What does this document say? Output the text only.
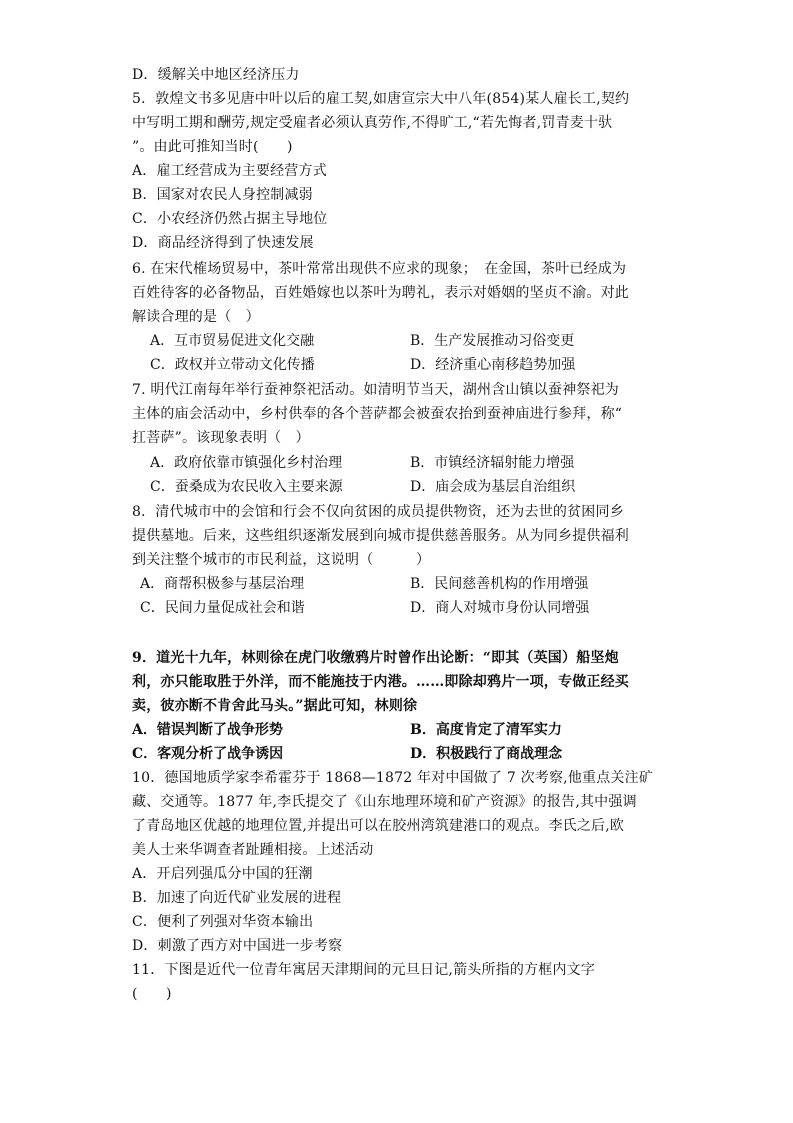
D．缓解关中地区经济压力
5．敦煌文书多见唐中叶以后的雇工契,如唐宣宗大中八年(854)某人雇长工,契约
中写明工期和酬劳,规定受雇者必须认真劳作,不得旷工,“若先悔者,罚青麦十驮
”。由此可推知当时(　　)
A．雇工经营成为主要经营方式
B．国家对农民人身控制减弱
C．小农经济仍然占据主导地位
D．商品经济得到了快速发展
6. 在宋代榷场贸易中，茶叶常常出现供不应求的现象；　在金国，茶叶已经成为
百姓待客的必备物品，百姓婚嫁也以茶叶为聘礼，表示对婚姻的坚贞不渝。对此
解读合理的是（　）
A．互市贸易促进文化交融	B．生产发展推动习俗变更
C．政权并立带动文化传播	D．经济重心南移趋势加强
7. 明代江南每年举行蚕神祭祀活动。如清明节当天，湖州含山镇以蚕神祭祀为
主体的庙会活动中，乡村供奉的各个菩萨都会被蚕农抬到蚕神庙进行参拜，称“
扛菩萨”。该现象表明（　）
A．政府依靠市镇强化乡村治理	B．市镇经济辐射能力增强
C．蚕桑成为农民收入主要来源	D．庙会成为基层自治组织
8．清代城市中的会馆和行会不仅向贫困的成员提供物资，还为去世的贫困同乡
提供墓地。后来，这些组织逐渐发展到向城市提供慈善服务。从为同乡提供福利
到关注整个城市的市民利益，这说明（　　　）
A．商帮积极参与基层治理	B．民间慈善机构的作用增强
C．民间力量促成社会和谐	D．商人对城市身份认同增强
9．道光十九年，林则徐在虎门收缴鸦片时曾作出论断：“即其（英国）船坚炮
利，亦只能取胜于外洋，而不能施技于内港。……即除却鸦片一项，专做正经买
卖，彼亦断不肯舍此马头。”据此可知，林则徐
A．错误判断了战争形势	B．高度肯定了清军实力
C．客观分析了战争诱因	D．积极践行了商战理念
10．德国地质学家李希霍芬于 1868—1872 年对中国做了 7 次考察,他重点关注矿
藏、交通等。1877 年,李氏提交了《山东地理环境和矿产资源》的报告,其中强调
了青岛地区优越的地理位置,并提出可以在胶州湾筑建港口的观点。李氏之后,欧
美人士来华调查者趾踵相接。上述活动
A．开启列强瓜分中国的狂潮
B．加速了向近代矿业发展的进程
C．便利了列强对华资本输出
D．刺激了西方对中国进一步考察
11．下图是近代一位青年寓居天津期间的元旦日记,箭头所指的方框内文字
(　　)
